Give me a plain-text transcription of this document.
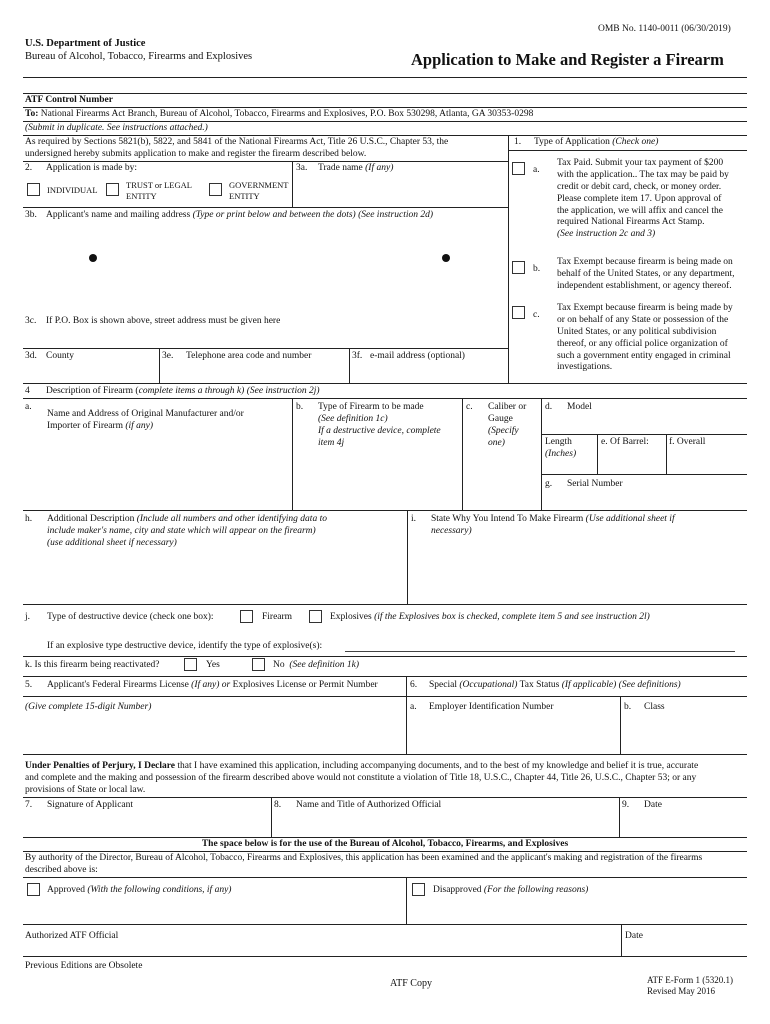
OMB No. 1140-0011 (06/30/2019)
U.S. Department of Justice
Bureau of Alcohol, Tobacco, Firearms and Explosives	Application to Make and Register a Firearm
ATF Control Number
To: National Firearms Act Branch, Bureau of Alcohol, Tobacco, Firearms and Explosives, P.O. Box 530298, Atlanta, GA 30353-0298
(Submit in duplicate. See instructions attached.)
As required by Sections 5821(b), 5822, and 5841 of the National Firearms Act, Title 26 U.S.C., Chapter 53, the
undersigned hereby submits application to make and register the firearm described below.
2. Application is made by:	3a. Trade name (If any)
INDIVIDUAL	TRUST or LEGAL
ENTITY
GOVERNMENT
ENTITY
3b. Applicant's name and mailing address (Type or print below and between the dots) (See instruction 2d)
3c. If P.O. Box is shown above, street address must be given here
3d. County	3e. Telephone area code and number	3f. e-mail address (optional)
1. Type of Application (Check one)
a.
Tax Paid. Submit your tax payment of $200
with the application.. The tax may be paid by
credit or debit card, check, or money order.
Please complete item 17. Upon approval of
the application, we will affix and cancel the
required National Firearms Act Stamp.
(See instruction 2c and 3)
b.
Tax Exempt because firearm is being made on
behalf of the United States, or any department,
independent establishment, or agency thereof.
c.
Tax Exempt because firearm is being made by
or on behalf of any State or possession of the
United States, or any political subdivision
thereof, or any official police organization of
such a government entity engaged in criminal
investigations.
4 Description of Firearm (complete items a through k) (See instruction 2j)
a.
Name and Address of Original Manufacturer and/or
Importer of Firearm (if any)
b. Type of Firearm to be made
(See definition 1c)
If a destructive device, complete
item 4j
c. Caliber or
Gauge
(Specify
one)
d. Model
Length
(Inches)
e. Of Barrel: f. Overall
g. Serial Number
h. Additional Description (Include all numbers and other identifying data to
include maker's name, city and state which will appear on the firearm)
(use additional sheet if necessary)
i. State Why You Intend To Make Firearm (Use additional sheet if
necessary)
j. Type of destructive device (check one box):	Firearm	Explosives (if the Explosives box is checked, complete item 5 and see instruction 2l)
If an explosive type destructive device, identify the type of explosive(s):
k. Is this firearm being reactivated?	Yes	No (See definition 1k)
5. Applicant's Federal Firearms License (If any) or Explosives License or Permit Number	6. Special (Occupational) Tax Status (If applicable) (See definitions)
(Give complete 15-digit Number)	a. Employer Identification Number	b. Class
Under Penalties of Perjury, I Declare that I have examined this application, including accompanying documents, and to the best of my knowledge and belief it is true, accurate
and complete and the making and possession of the firearm described above would not constitute a violation of Title 18, U.S.C., Chapter 44, Title 26, U.S.C., Chapter 53; or any
provisions of State or local law.
7. Signature of Applicant	8. Name and Title of Authorized Official	9. Date
The space below is for the use of the Bureau of Alcohol, Tobacco, Firearms, and Explosives
By authority of the Director, Bureau of Alcohol, Tobacco, Firearms and Explosives, this application has been examined and the applicant's making and registration of the firearms
described above is:
Approved (With the following conditions, if any)	Disapproved (For the following reasons)
Authorized ATF Official	Date
Previous Editions are Obsolete
ATF Copy	ATF E-Form 1 (5320.1)
Revised May 2016
